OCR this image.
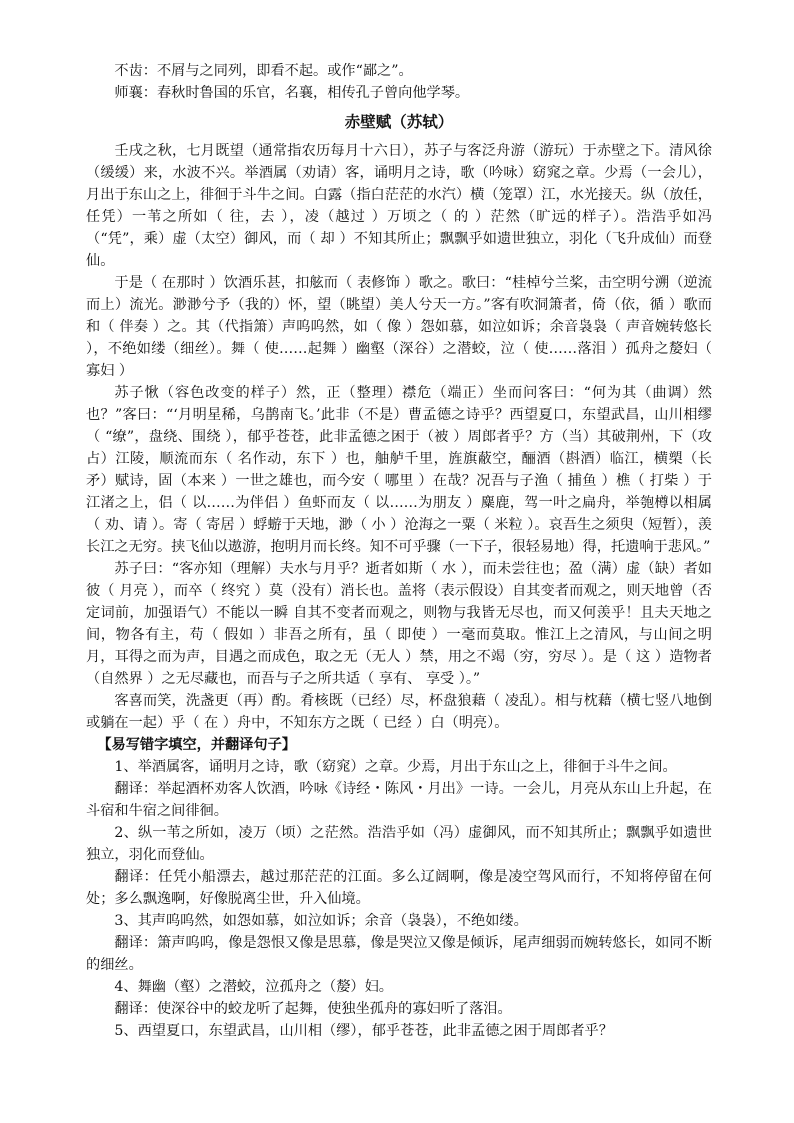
不齿：不屑与之同列，即看不起。或作“鄙之”。

师襄：春秋时鲁国的乐官，名襄，相传孔子曾向他学琴。

赤壁赋（苏轼）

壬戌之秋，七月既望（通常指农历每月十六日），苏子与客泛舟游（游玩）于赤壁之下。清风徐（缓缓）来，水波不兴。举酒属（劝请）客，诵明月之诗，歌（吟咏）窈窕之章。少焉（一会儿），月出于东山之上，徘徊于斗牛之间。白露（指白茫茫的水汽）横（笼罩）江，水光接天。纵（放任，任凭）一苇之所如（ 往，去 ），凌（越过 ）万顷之（ 的 ）茫然（旷远的样子）。浩浩乎如冯（“凭”，乘）虚（太空）御风，而（ 却 ）不知其所止；飘飘乎如遗世独立，羽化（飞升成仙）而登仙。

于是（ 在那时 ）饮酒乐甚，扣舷而（ 表修饰 ）歌之。歌曰：“桂棹兮兰桨，击空明兮溯（逆流而上）流光。渺渺兮予（我的）怀，望（眺望）美人兮天一方。”客有吹洞箫者，倚（依，循 ）歌而和（ 伴奏 ）之。其（代指箫）声呜呜然，如（ 像 ）怨如慕，如泣如诉；余音袅袅（ 声音婉转悠长 ），不绝如缕（细丝）。舞（ 使……起舞 ）幽壑（深谷）之潜蛟，泣（ 使……落泪 ）孤舟之嫠妇（ 寡妇 ）

苏子愀（容色改变的样子）然，正（整理）襟危（端正）坐而问客曰：“何为其（曲调）然也？”客曰：“‘月明星稀，乌鹊南飞。’此非（不是）曹孟德之诗乎？西望夏口，东望武昌，山川相缪（ “缭”，盘绕、围绕 ），郁乎苍苍，此非孟德之困于（被 ）周郎者乎？方（当）其破荆州，下（攻占）江陵，顺流而东（ 名作动，东下 ）也，舳舻千里，旌旗蔽空，酾酒（斟酒）临江，横槊（长矛）赋诗，固（本来 ）一世之雄也，而今安（ 哪里 ）在哉？况吾与子渔（ 捕鱼 ）樵（ 打柴 ）于江渚之上，侣（ 以……为伴侣 ）鱼虾而友（ 以……为朋友 ）麋鹿，驾一叶之扁舟，举匏樽以相属（ 劝、请 ）。寄（ 寄居 ）蜉蝣于天地，渺（ 小 ）沧海之一粟（ 米粒 ）。哀吾生之须臾（短暂），羡长江之无穷。挟飞仙以遨游，抱明月而长终。知不可乎骤（一下子，很轻易地）得，托遗响于悲风。”

苏子曰：“客亦知（理解）夫水与月乎？逝者如斯（ 水 ），而未尝往也；盈（满）虚（缺）者如彼（ 月亮 ），而卒（ 终究 ）莫（没有）消长也。盖将（表示假设）自其变者而观之，则天地曾（否定词前，加强语气）不能以一瞬 自其不变者而观之，则物与我皆无尽也，而又何羡乎！且夫天地之间，物各有主，苟（ 假如 ）非吾之所有，虽（ 即使 ）一毫而莫取。惟江上之清风，与山间之明月，耳得之而为声，目遇之而成色，取之无（无人 ）禁，用之不竭（穷，穷尽 ）。是（ 这 ）造物者（自然界 ）之无尽藏也，而吾与子之所共适（ 享有、 享受 ）。”

客喜而笑，洗盏更（再）酌。肴核既（已经）尽，杯盘狼藉（ 凌乱）。相与枕藉（横七竖八地倒或躺在一起）乎（ 在 ）舟中，不知东方之既（ 已经 ）白（明亮）。

【易写错字填空，并翻译句子】

1、举酒属客，诵明月之诗，歌（窈窕）之章。少焉，月出于东山之上，徘徊于斗牛之间。

翻译：举起酒杯劝客人饮酒，吟咏《诗经・陈风・月出》一诗。一会儿，月亮从东山上升起，在斗宿和牛宿之间徘徊。

2、纵一苇之所如，凌万（顷）之茫然。浩浩乎如（冯）虚御风，而不知其所止；飘飘乎如遗世独立，羽化而登仙。

翻译：任凭小船漂去，越过那茫茫的江面。多么辽阔啊，像是凌空驾风而行，不知将停留在何处；多么飘逸啊，好像脱离尘世，升入仙境。

3、其声呜呜然，如怨如慕，如泣如诉；余音（袅袅），不绝如缕。

翻译：箫声呜呜，像是怨恨又像是思慕，像是哭泣又像是倾诉，尾声细弱而婉转悠长，如同不断的细丝。

4、舞幽（壑）之潜蛟，泣孤舟之（嫠）妇。

翻译：使深谷中的蛟龙听了起舞，使独坐孤舟的寡妇听了落泪。

5、西望夏口，东望武昌，山川相（缪），郁乎苍苍，此非孟德之困于周郎者乎？
